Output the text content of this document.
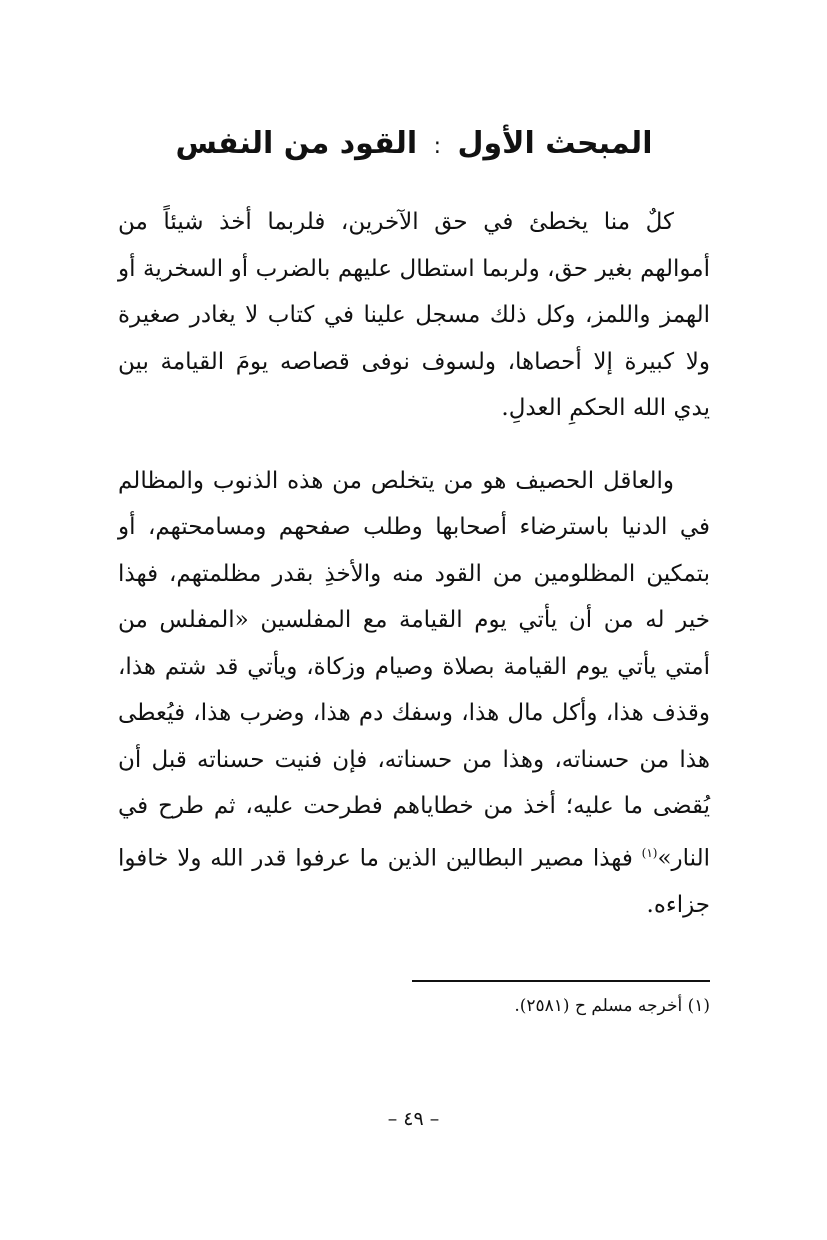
المبحث الأول : القود من النفس

كلٌ منا يخطئ في حق الآخرين، فلربما أخذ شيئاً من أموالهم بغير حق، ولربما استطال عليهم بالضرب أو السخرية أو الهمز واللمز، وكل ذلك مسجل علينا في كتاب لا يغادر صغيرة ولا كبيرة إلا أحصاها، ولسوف نوفى قصاصه يومَ القيامة بين يدي الله الحكمِ العدلِ.

والعاقل الحصيف هو من يتخلص من هذه الذنوب والمظالم في الدنيا باسترضاء أصحابها وطلب صفحهم ومسامحتهم، أو بتمكين المظلومين من القود منه والأخذِ بقدر مظلمتهم، فهذا خير له من أن يأتي يوم القيامة مع المفلسين «المفلس من أمتي يأتي يوم القيامة بصلاة وصيام وزكاة، ويأتي قد شتم هذا، وقذف هذا، وأكل مال هذا، وسفك دم هذا، وضرب هذا، فيُعطى هذا من حسناته، وهذا من حسناته، فإن فنيت حسناته قبل أن يُقضى ما عليه؛ أخذ من خطاياهم فطرحت عليه، ثم طرح في النار»$^{(١)}$ فهذا مصير البطالين الذين ما عرفوا قدر الله ولا خافوا جزاءه.

(١) أخرجه مسلم ح (٢٥٨١).

– ٤٩ –
